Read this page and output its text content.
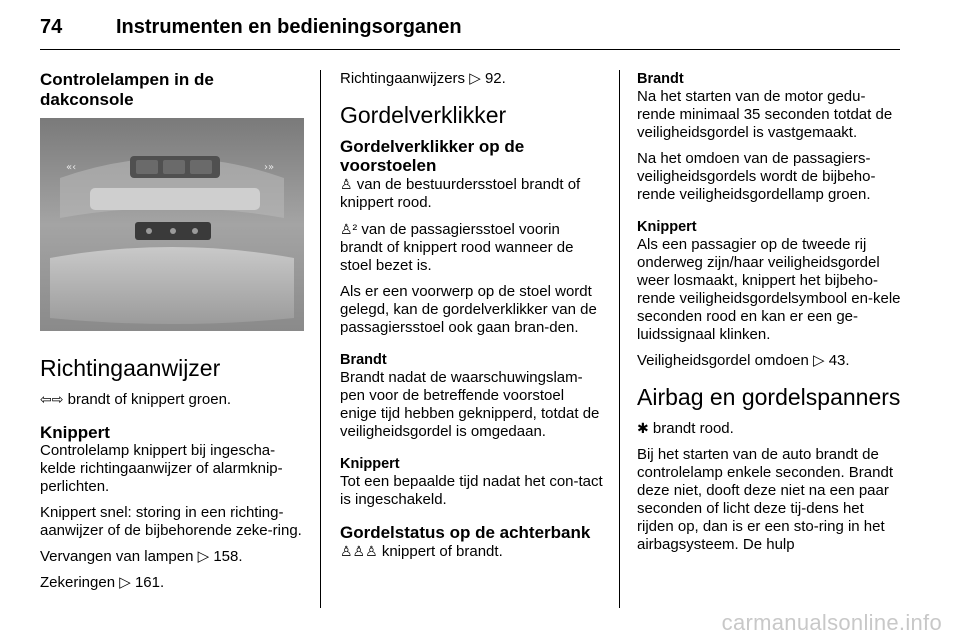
74	Instrumenten en bedieningsorganen
Controlelampen in de dakconsole
«‹	›»
Richtingaanwijzer

⇦⇨ brandt of knippert groen.

Knippert

Controlelamp knippert bij ingescha-kelde richtingaanwijzer of alarmknip-perlichten.

Knippert snel: storing in een richting-aanwijzer of de bijbehorende zeke-ring.

Vervangen van lampen ▷ 158.

Zekeringen ▷ 161.

Richtingaanwijzers ▷ 92.

Gordelverklikker
Gordelverklikker op de voorstoelen

♙ van de bestuurdersstoel brandt of knippert rood.

♙² van de passagiersstoel voorin brandt of knippert rood wanneer de stoel bezet is.

Als er een voorwerp op de stoel wordt gelegd, kan de gordelverklikker van de passagiersstoel ook gaan bran-den.

Brandt

Brandt nadat de waarschuwingslam-pen voor de betreffende voorstoel enige tijd hebben geknipperd, totdat de veiligheidsgordel is omgedaan.

Knippert

Tot een bepaalde tijd nadat het con-tact is ingeschakeld.

Gordelstatus op de achterbank

♙♙♙ knippert of brandt.

Brandt

Na het starten van de motor gedu-rende minimaal 35 seconden totdat de veiligheidsgordel is vastgemaakt.

Na het omdoen van de passagiers-veiligheidsgordels wordt de bijbeho-rende veiligheidsgordellamp groen.

Knippert

Als een passagier op de tweede rij onderweg zijn/haar veiligheidsgordel weer losmaakt, knippert het bijbeho-rende veiligheidsgordelsymbool en-kele seconden rood en kan er een ge-luidssignaal klinken.

Veiligheidsgordel omdoen ▷ 43.

Airbag en gordelspanners

✱ brandt rood.

Bij het starten van de auto brandt de controlelamp enkele seconden. Brandt deze niet, dooft deze niet na een paar seconden of licht deze tij-dens het rijden op, dan is er een sto-ring in het airbagsysteem. De hulp

carmanualsonline.info
